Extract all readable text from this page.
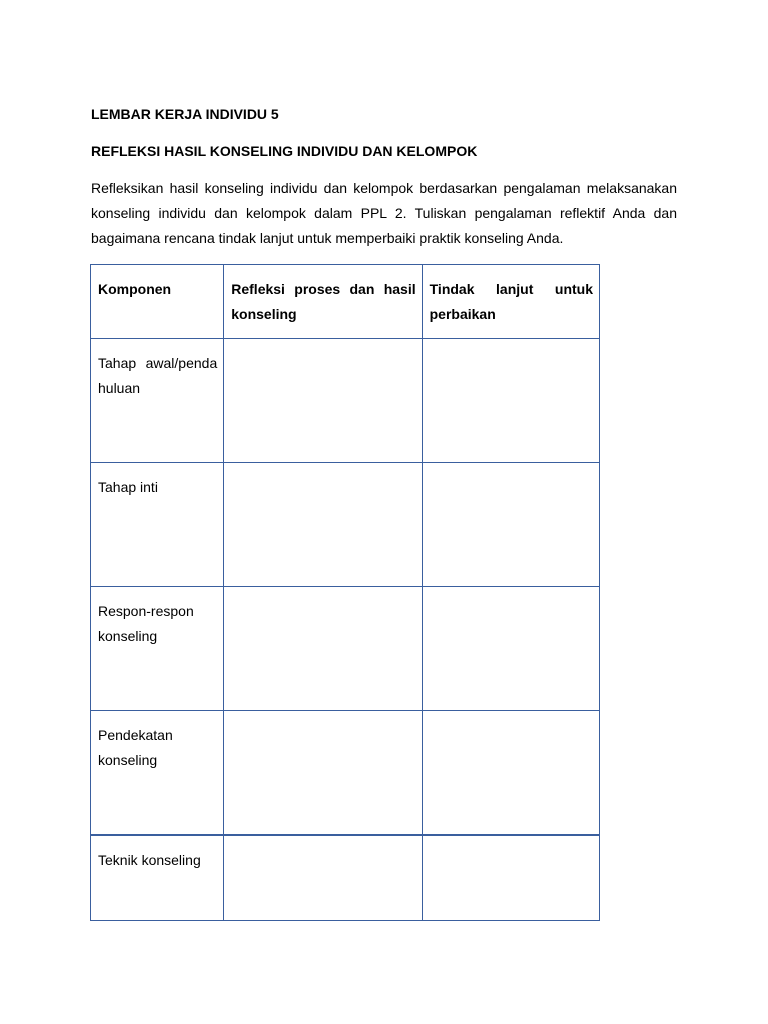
LEMBAR KERJA INDIVIDU 5
REFLEKSI HASIL KONSELING INDIVIDU DAN KELOMPOK

Refleksikan hasil konseling individu dan kelompok berdasarkan pengalaman melaksanakan konseling individu dan kelompok dalam PPL 2. Tuliskan pengalaman reflektif Anda dan bagaimana rencana tindak lanjut untuk memperbaiki praktik konseling Anda.

Komponen	Refleksi proses dan hasil konseling	Tindak lanjut untuk perbaikan
Tahap awal/pendahuluan		
Tahap inti		
Respon-respon konseling		
Pendekatan konseling		
Teknik konseling		
